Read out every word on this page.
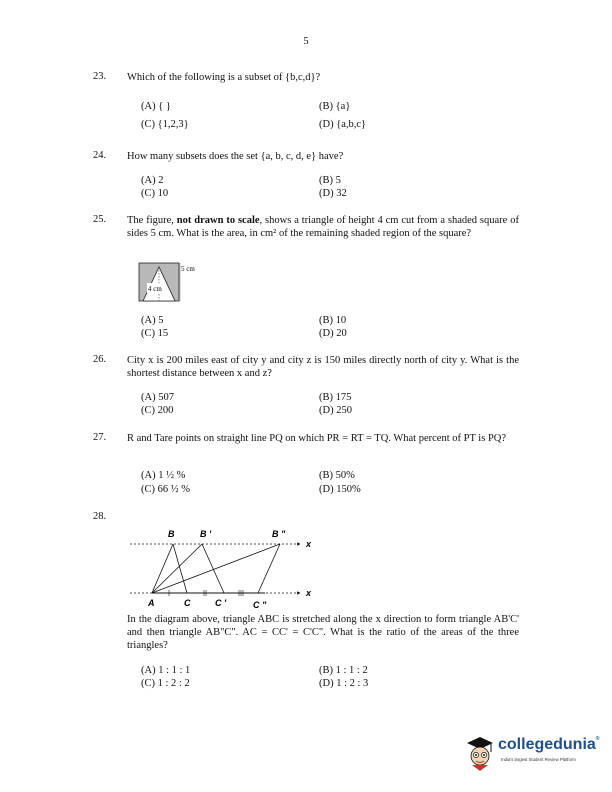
5
23. Which of the following is a subset of {b,c,d}?
(A) { }	(B) {a}
(C) {1,2,3}	(D) {a,b,c}
24. How many subsets does the set {a, b, c, d, e} have?
(A) 2	(B) 5
(C) 10	(D) 32
25. The figure, not drawn to scale, shows a triangle of height 4 cm cut from a shaded square of sides 5 cm. What is the area, in cm² of the remaining shaded region of the square?
4 cm
5 cm
(A) 5	(B) 10
(C) 15	(D) 20
26. City x is 200 miles east of city y and city z is 150 miles directly north of city y. What is the shortest distance between x and z?
(A) 507	(B) 175
(C) 200	(D) 250
27. R and Tare points on straight line PQ on which PR = RT = TQ. What percent of PT is PQ?
(A) 1 ½ %	(B) 50%
(C) 66 ½ %	(D) 150%
28.
B	B '	B "
A	C	C '	C "
x
x
In the diagram above, triangle ABC is stretched along the x direction to form triangle AB'C' and then triangle AB"C". AC = CC' = C'C". What is the ratio of the areas of the three triangles?
(A) 1 : 1 : 1	(B) 1 : 1 : 2
(C) 1 : 2 : 2	(D) 1 : 2 : 3
collegedunia®
India's largest Student Review Platform
